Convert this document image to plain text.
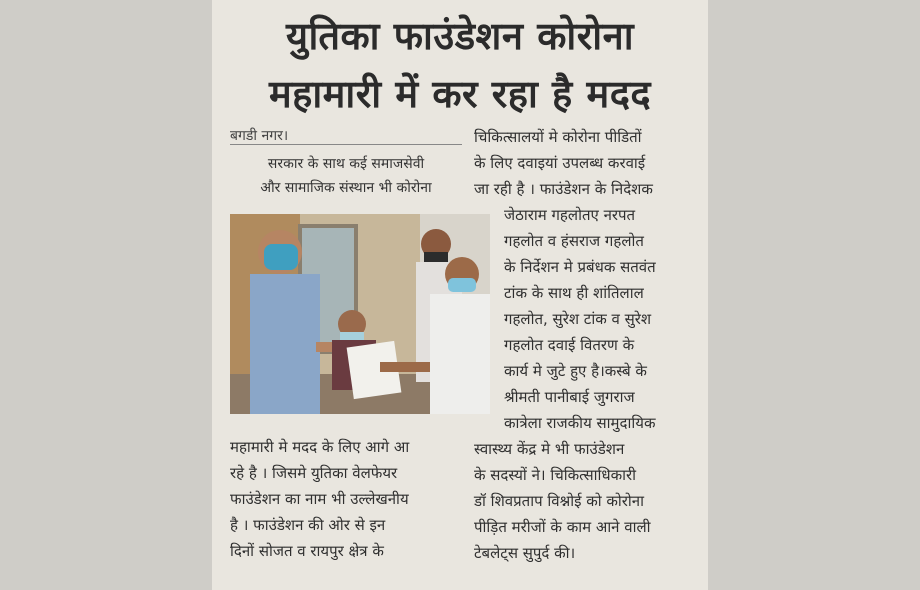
युतिका फाउंडेशन कोरोना
महामारी में कर रहा है मदद
बगडी नगर।
सरकार के साथ कई समाजसेवी
और सामाजिक संस्थान भी कोरोना

महामारी मे मदद के लिए आगे आ

रहे है । जिसमे युतिका वेलफेयर

फाउंडेशन का नाम भी उल्लेखनीय

है । फाउंडेशन की ओर से इन

दिनों सोजत व रायपुर क्षेत्र के

चिकित्सालयों मे कोरोना पीडितों

के लिए दवाइयां उपलब्ध करवाई

जा रही है । फाउंडेशन के निदेशक

जेठाराम गहलोतए नरपत

गहलोत व हंसराज गहलोत

के निर्देशन मे प्रबंधक सतवंत

टांक के साथ ही शांतिलाल

गहलोत, सुरेश टांक व सुरेश

गहलोत दवाई वितरण के

कार्य मे जुटे हुए है।कस्बे के

श्रीमती पानीबाई जुगराज

कात्रेला राजकीय सामुदायिक

स्वास्थ्य केंद्र मे भी फाउंडेशन

के सदस्यों ने। चिकित्साधिकारी

डॉ शिवप्रताप विश्नोई को कोरोना

पीड़ित मरीजों के काम आने वाली

टेबलेट्स सुपुर्द की।
